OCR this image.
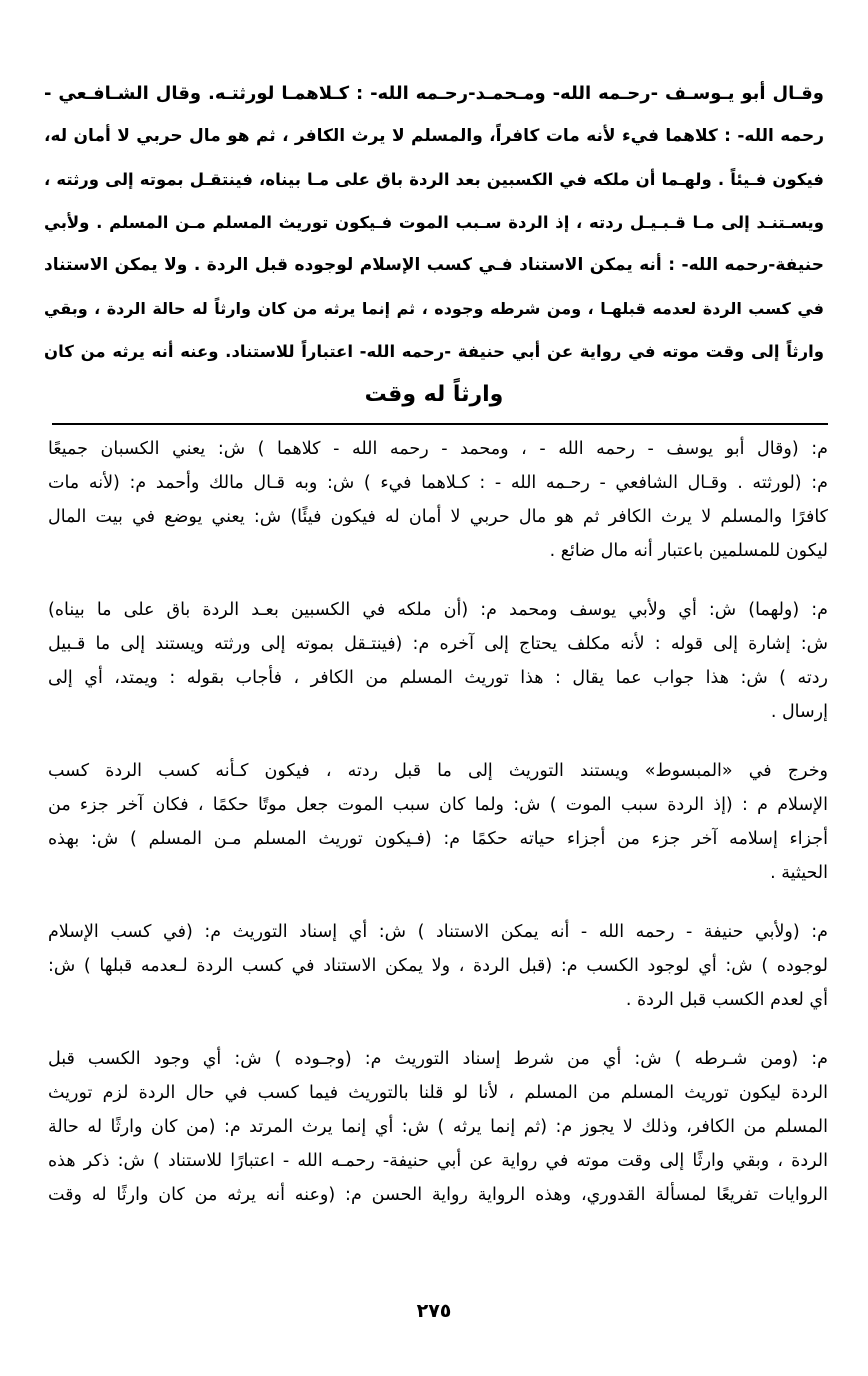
وقـال أبو يـوسـف -رحـمه الله- ومـحمـد-رحـمه الله- : كـلاهمـا لورثتـه. وقال الشـافـعي -
رحمه الله- : كلاهما فيء لأنه مات كافراً، والمسلم لا يرث الكافر ، ثم هو مال حربي لا أمان له،
فيكون فـيئاً . ولهـما أن ملكه في الكسبين بعد الردة باق على مـا بيناه، فينتقـل بموته إلى ورثته ،
ويسـتنـد إلى مـا قـبـيـل ردته ، إذ الردة سـبب الموت فـيكون توريث المسلم مـن المسلم . ولأبي
حنيفة-رحمه الله- : أنه يمكن الاستناد فـي كسب الإسلام لوجوده قبل الردة . ولا يمكن الاستناد
في كسب الردة لعدمه قبلهـا ، ومن شرطه وجوده ، ثم إنما يرثه من كان وارثاً له حالة الردة ، وبقي
وارثاً إلى وقت موته في رواية عن أبي حنيفة -رحمه الله- اعتباراً للاستناد. وعنه أنه يرثه من كان
وارثاً له وقت
م: (وقال أبو يوسف - رحمه الله - ، ومحمد - رحمه الله - كلاهما ) ش: يعني الكسبان جميعًا
م: (لورثته . وقـال الشافعي - رحـمه الله - : كـلاهما فيء ) ش: وبه قـال مالك وأحمد م: (لأنه مات
كافرًا والمسلم لا يرث الكافر ثم هو مال حربي لا أمان له فيكون فيئًا) ش: يعني يوضع في بيت المال
ليكون للمسلمين باعتبار أنه مال ضائع .
م: (ولهما) ش: أي ولأبي يوسف ومحمد م: (أن ملكه في الكسبين بعـد الردة باق على ما بيناه)
ش: إشارة إلى قوله : لأنه مكلف يحتاج إلى آخره م: (فينتـقل بموته إلى ورثته ويستند إلى ما قـبيل
ردته ) ش: هذا جواب عما يقال : هذا توريث المسلم من الكافر ، فأجاب بقوله : ويمتد، أي إلى
إرسال .
وخرج في «المبسوط» ويستند التوريث إلى ما قبل ردته ، فيكون كـأنه كسب الردة كسب
الإسلام م : (إذ الردة سبب الموت ) ش: ولما كان سبب الموت جعل موتًا حكمًا ، فكان آخر جزء من
أجزاء إسلامه آخر جزء من أجزاء حياته حكمًا م: (فـيكون توريث المسلم مـن المسلم ) ش: بهذه
الحيثية .
م: (ولأبي حنيفة - رحمه الله - أنه يمكن الاستناد ) ش: أي إسناد التوريث م: (في كسب الإسلام
لوجوده ) ش: أي لوجود الكسب م: (قبل الردة ، ولا يمكن الاستناد في كسب الردة لـعدمه قبلها ) ش:
أي لعدم الكسب قبل الردة .
م: (ومن شـرطه ) ش: أي من شرط إسناد التوريث م: (وجـوده ) ش: أي وجود الكسب قبل
الردة ليكون توريث المسلم من المسلم ، لأنا لو قلنا بالتوريث فيما كسب في حال الردة لزم توريث
المسلم من الكافر، وذلك لا يجوز م: (ثم إنما يرثه ) ش: أي إنما يرث المرتد م: (من كان وارثًا له حالة
الردة ، وبقي وارثًا إلى وقت موته في رواية عن أبي حنيفة- رحمـه الله - اعتبارًا للاستناد ) ش: ذكر هذه
الروايات تفريعًا لمسألة القدوري، وهذه الرواية رواية الحسن م: (وعنه أنه يرثه من كان وارثًا له وقت
٢٧٥
